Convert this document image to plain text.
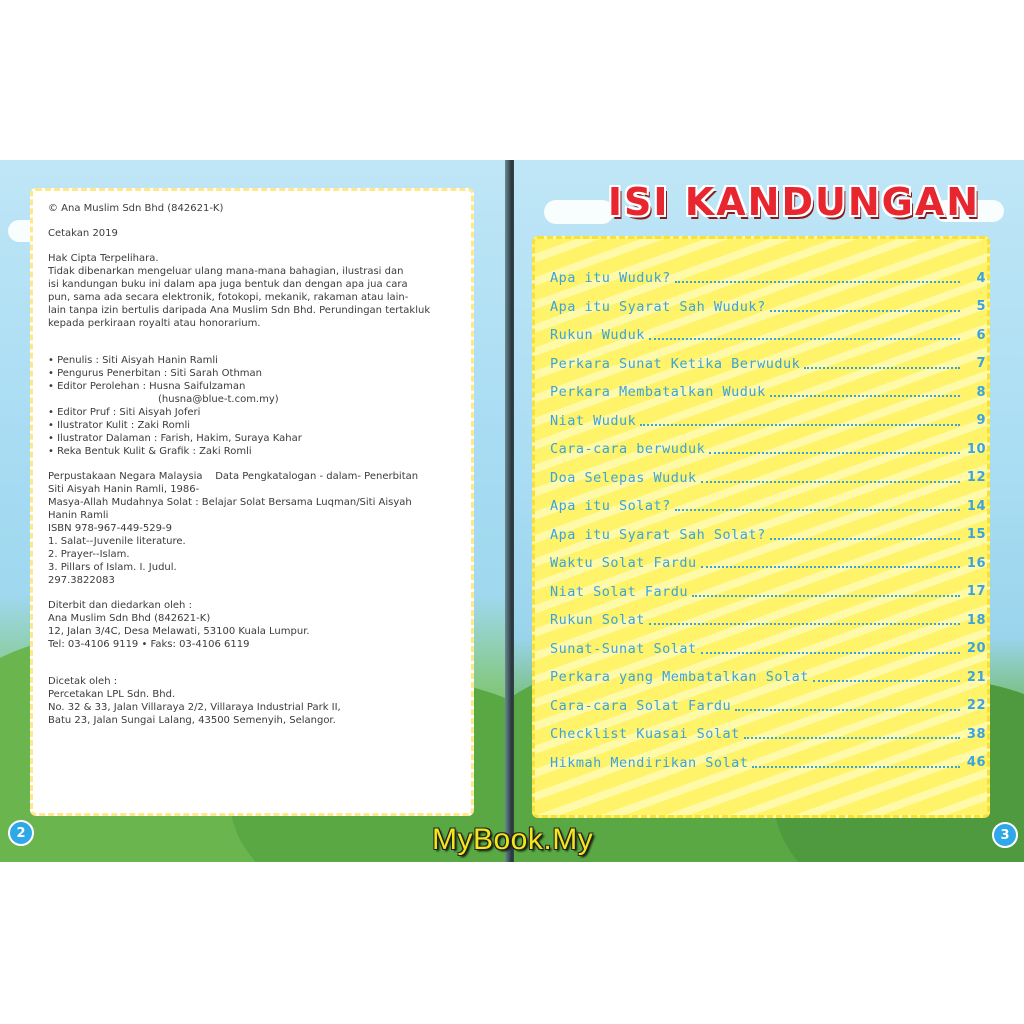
© Ana Muslim Sdn Bhd (842621-K)
Cetakan 2019
Hak Cipta Terpelihara.
Tidak dibenarkan mengeluar ulang mana-mana bahagian, ilustrasi dan
isi kandungan buku ini dalam apa juga bentuk dan dengan apa jua cara
pun, sama ada secara elektronik, fotokopi, mekanik, rakaman atau lain-
lain tanpa izin bertulis daripada Ana Muslim Sdn Bhd. Perundingan tertakluk
kepada perkiraan royalti atau honorarium.
• Penulis : Siti Aisyah Hanin Ramli
• Pengurus Penerbitan : Siti Sarah Othman
• Editor Perolehan : Husna Saifulzaman
(husna@blue-t.com.my)
• Editor Pruf : Siti Aisyah Joferi
• Ilustrator Kulit : Zaki Romli
• Ilustrator Dalaman : Farish, Hakim, Suraya Kahar
• Reka Bentuk Kulit & Grafik : Zaki Romli
Perpustakaan Negara Malaysia    Data Pengkatalogan - dalam- Penerbitan
Siti Aisyah Hanin Ramli, 1986-
Masya-Allah Mudahnya Solat : Belajar Solat Bersama Luqman/Siti Aisyah
Hanin Ramli
ISBN 978-967-449-529-9
1. Salat--Juvenile literature.
2. Prayer--Islam.
3. Pillars of Islam. I. Judul.
297.3822083
Diterbit dan diedarkan oleh :
Ana Muslim Sdn Bhd (842621-K)
12, Jalan 3/4C, Desa Melawati, 53100 Kuala Lumpur.
Tel: 03-4106 9119 • Faks: 03-4106 6119
Dicetak oleh :
Percetakan LPL Sdn. Bhd.
No. 32 & 33, Jalan Villaraya 2/2, Villaraya Industrial Park II,
Batu 23, Jalan Sungai Lalang, 43500 Semenyih, Selangor.
2
ISI KANDUNGAN
Apa itu Wuduk?	4
Apa itu Syarat Sah Wuduk?	5
Rukun Wuduk	6
Perkara Sunat Ketika Berwuduk	7
Perkara Membatalkan Wuduk	8
Niat Wuduk	9
Cara-cara berwuduk	10
Doa Selepas Wuduk	12
Apa itu Solat?	14
Apa itu Syarat Sah Solat?	15
Waktu Solat Fardu	16
Niat Solat Fardu	17
Rukun Solat	18
Sunat-Sunat Solat	20
Perkara yang Membatalkan Solat	21
Cara-cara Solat Fardu	22
Checklist Kuasai Solat	38
Hikmah Mendirikan Solat	46
3
MyBook.My
